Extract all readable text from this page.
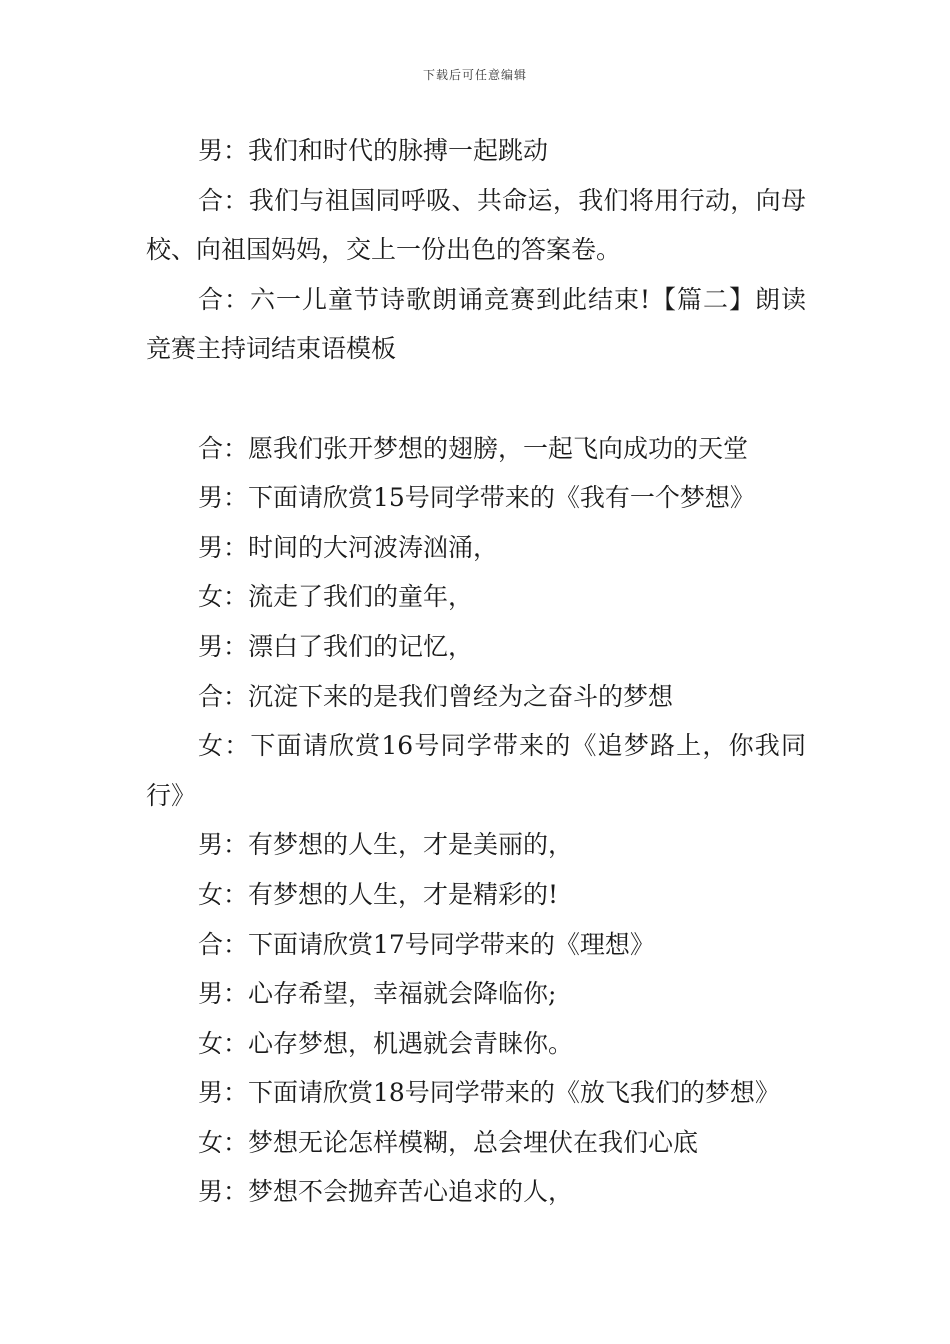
下载后可任意编辑

男：我们和时代的脉搏一起跳动

合：我们与祖国同呼吸、共命运，我们将用行动，向母校、向祖国妈妈，交上一份出色的答案卷。

合：六一儿童节诗歌朗诵竞赛到此结束!【篇二】朗读竞赛主持词结束语模板

合：愿我们张开梦想的翅膀，一起飞向成功的天堂

男：下面请欣赏15号同学带来的《我有一个梦想》

男：时间的大河波涛汹涌，

女：流走了我们的童年，

男：漂白了我们的记忆，

合：沉淀下来的是我们曾经为之奋斗的梦想

女：下面请欣赏16号同学带来的《追梦路上，你我同行》

男：有梦想的人生，才是美丽的，

女：有梦想的人生，才是精彩的!

合：下面请欣赏17号同学带来的《理想》

男：心存希望，幸福就会降临你;

女：心存梦想，机遇就会青睐你。

男：下面请欣赏18号同学带来的《放飞我们的梦想》

女：梦想无论怎样模糊，总会埋伏在我们心底

男：梦想不会抛弃苦心追求的人，
